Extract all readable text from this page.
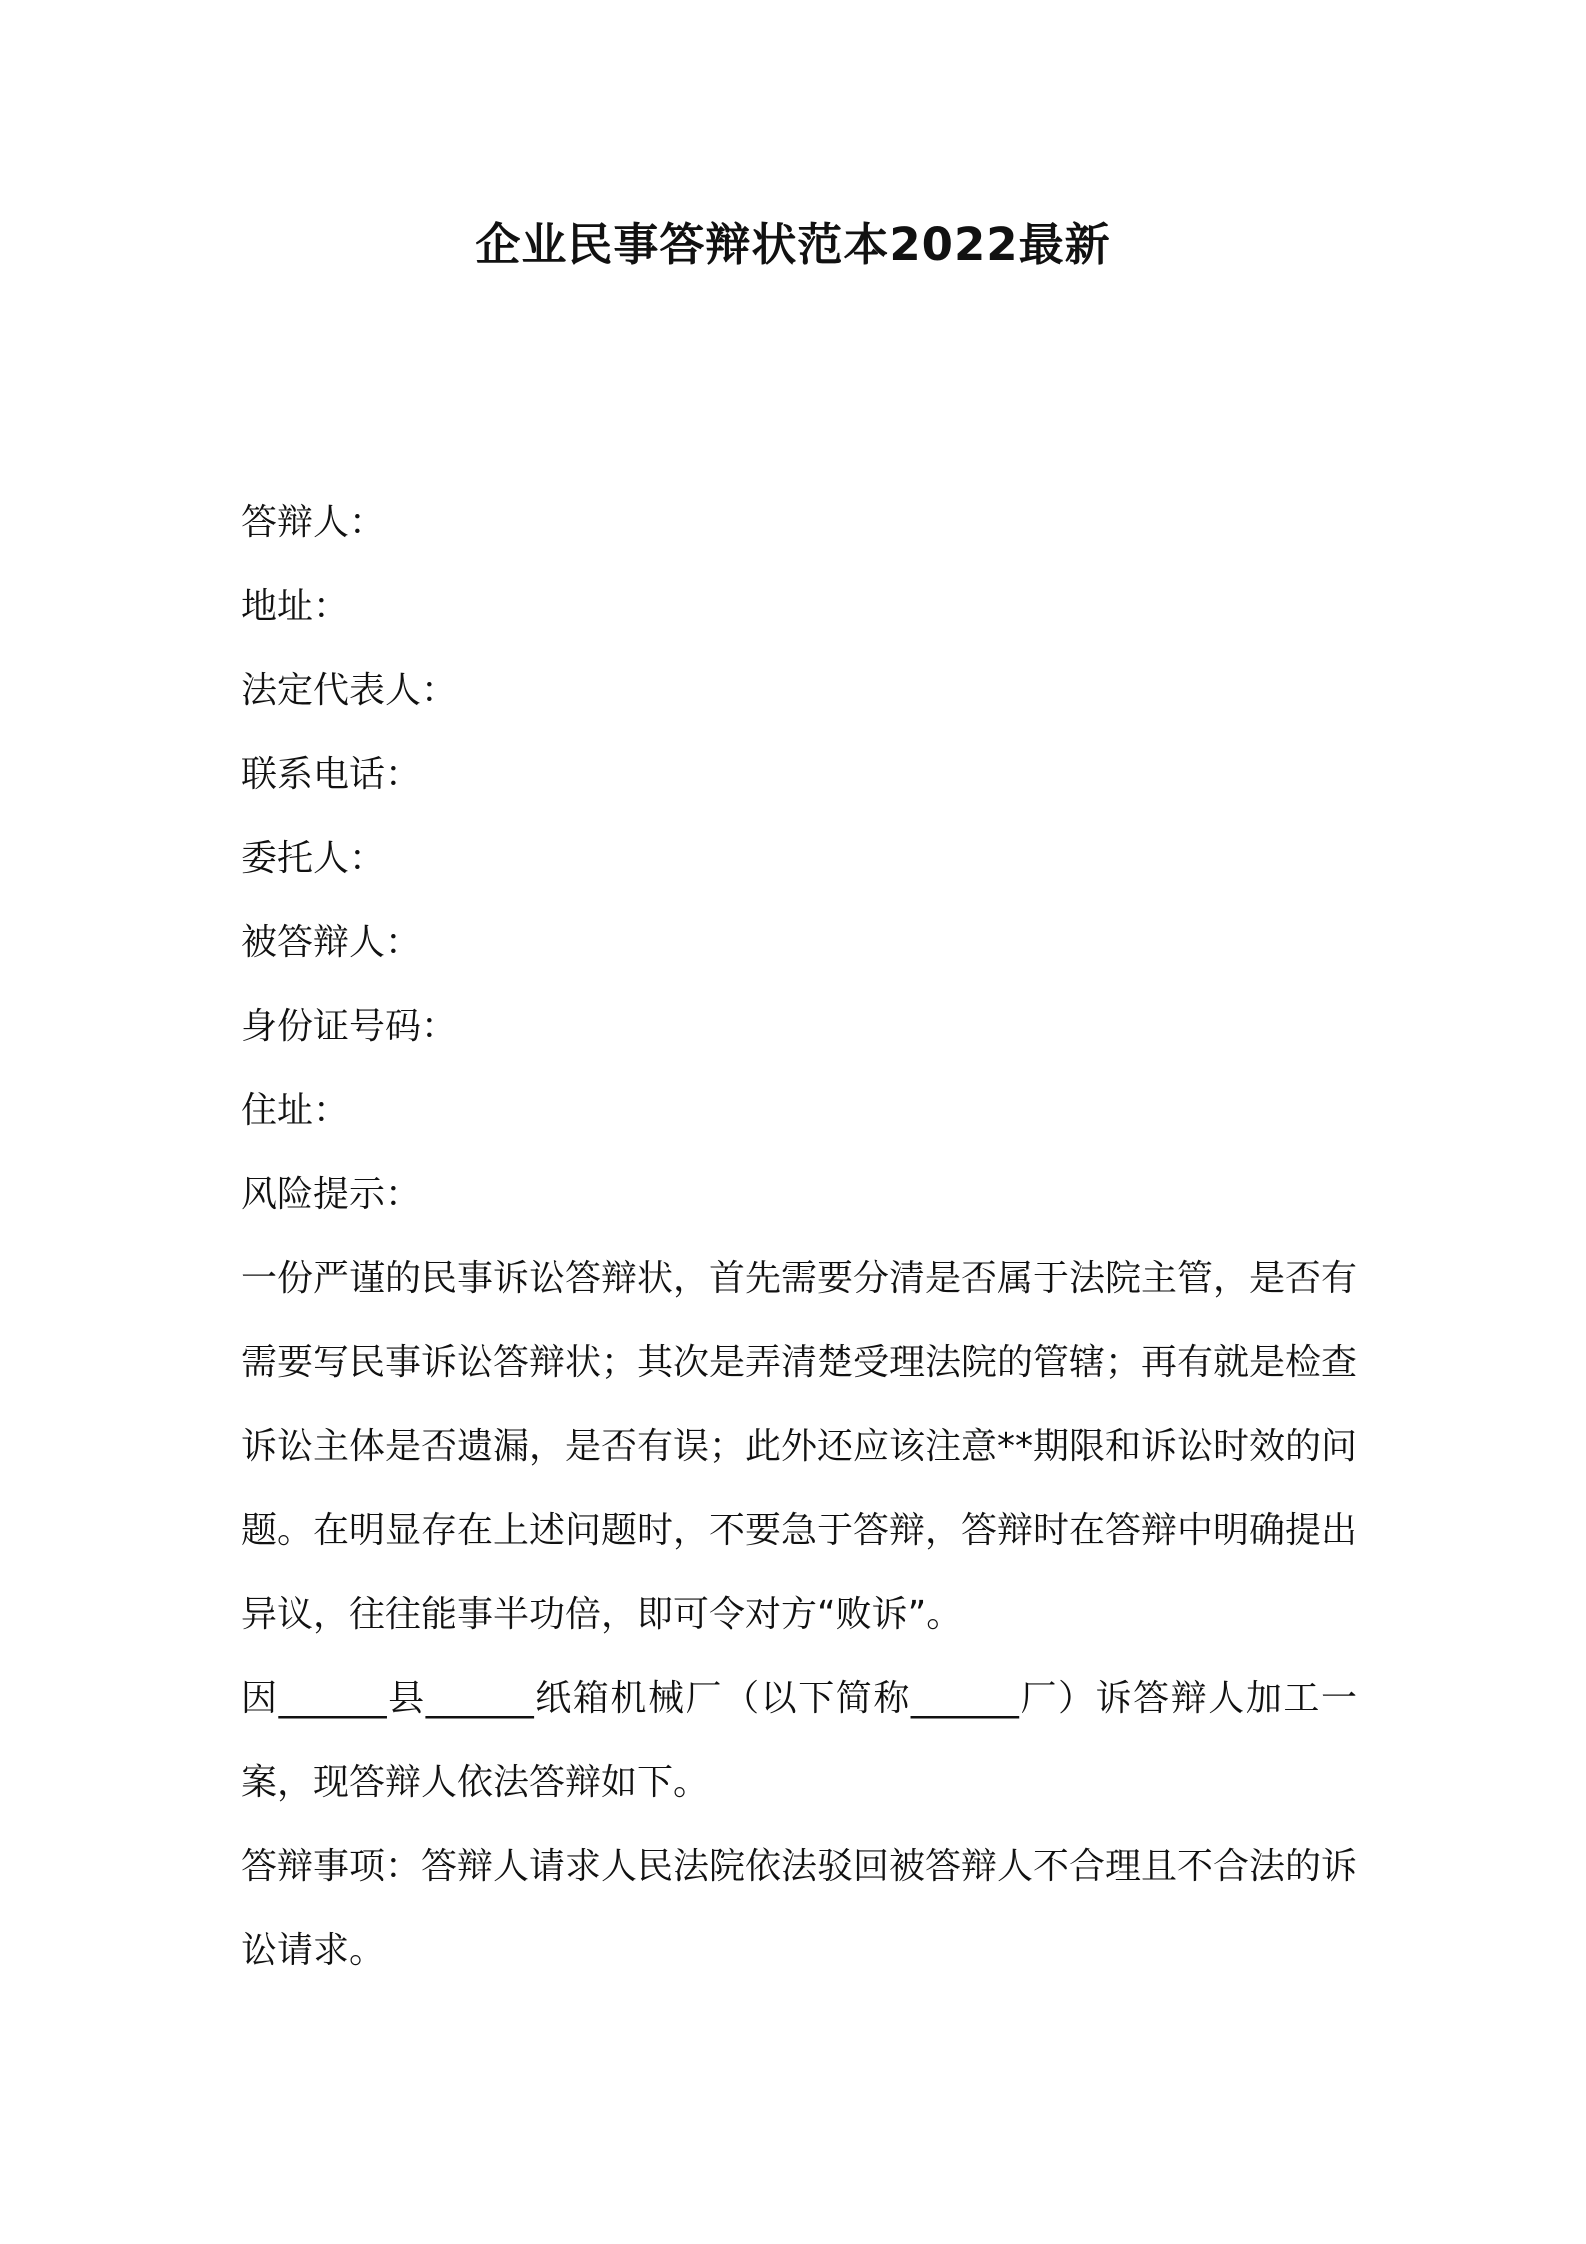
企业民事答辩状范本2022最新
答辩人：
地址：
法定代表人：
联系电话：
委托人：
被答辩人：
身份证号码：
住址：
风险提示：

一份严谨的民事诉讼答辩状，首先需要分清是否属于法院主管，是否有需要写民事诉讼答辩状；其次是弄清楚受理法院的管辖；再有就是检查诉讼主体是否遗漏，是否有误；此外还应该注意**期限和诉讼时效的问题。在明显存在上述问题时，不要急于答辩，答辩时在答辩中明确提出异议，往往能事半功倍，即可令对方“败诉”。

因______县______纸箱机械厂（以下简称______厂）诉答辩人加工一案，现答辩人依法答辩如下。

答辩事项：答辩人请求人民法院依法驳回被答辩人不合理且不合法的诉讼请求。
